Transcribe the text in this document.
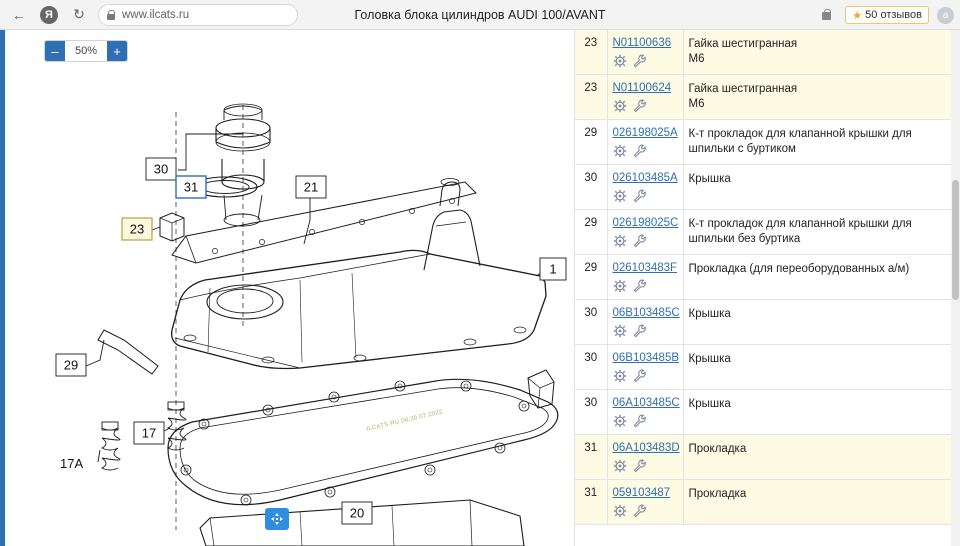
←	Я	↻	www.ilcats.ru	Головка блока цилиндров AUDI 100/AVANT	★ 50 отзывов	a
–	50%	+
30
31	21
23
1
29
17
17A
20
ILCATS.RU 06.28.07.2022
23	N01100636	Гайка шестигранная
М6
23	N01100624	Гайка шестигранная
М6
29	026198025A	К-т прокладок для клапанной крышки для шпильки с буртиком
30	026103485A	Крышка
29	026198025C	К-т прокладок для клапанной крышки для шпильки без буртика
29	026103483F	Прокладка (для переоборудованных а/м)
30	06B103485C	Крышка
30	06B103485B	Крышка
30	06A103485C	Крышка
31	06A103483D	Прокладка
31	059103487	Прокладка
